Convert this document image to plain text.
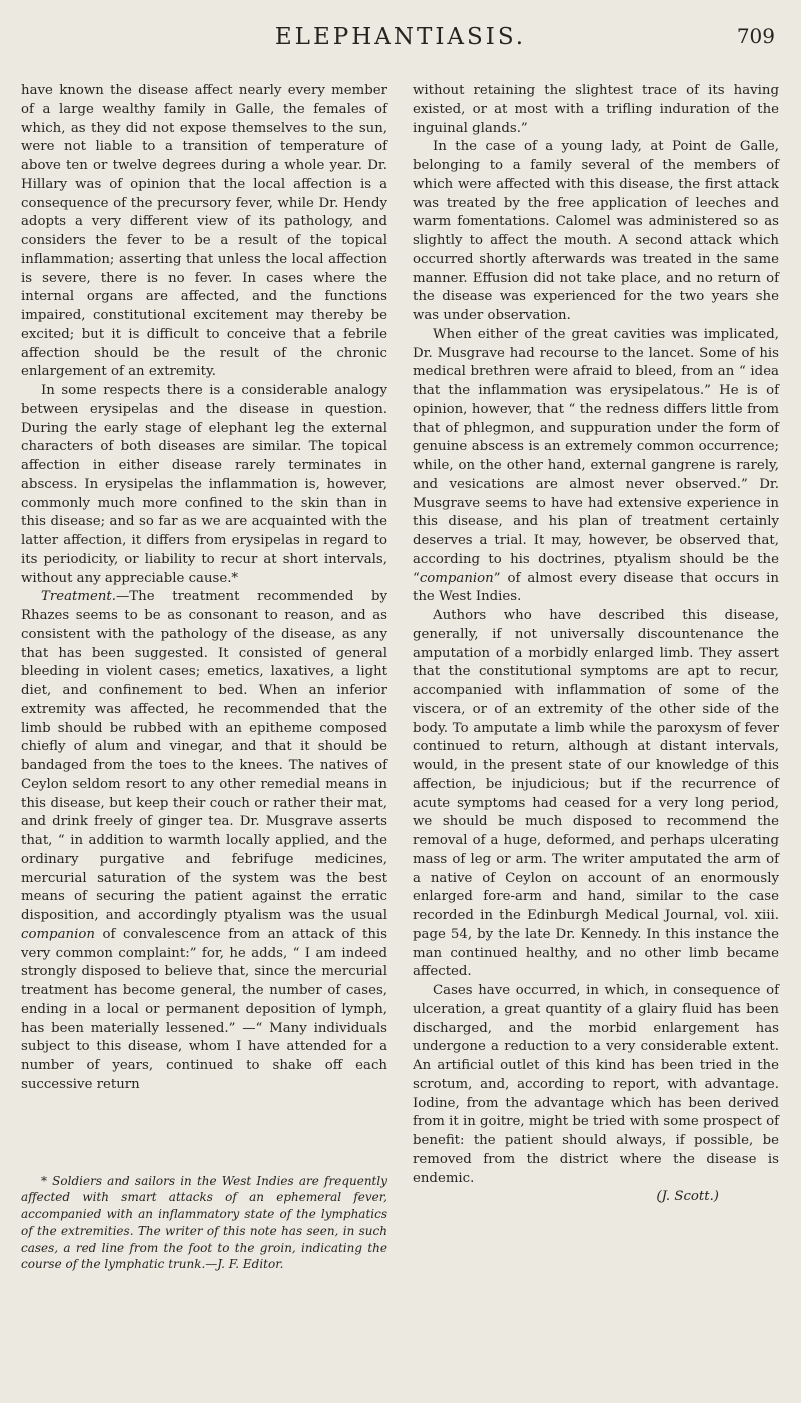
ELEPHANTIASIS.	709

have known the disease affect nearly every member of a large wealthy family in Galle, the females of which, as they did not expose themselves to the sun, were not liable to a transition of temperature of above ten or twelve degrees during a whole year. Dr. Hillary was of opinion that the local affection is a consequence of the precursory fever, while Dr. Hendy adopts a very different view of its pathology, and considers the fever to be a result of the topical inflammation; asserting that unless the local affection is severe, there is no fever. In cases where the internal organs are affected, and the functions impaired, constitutional excitement may thereby be excited; but it is difficult to conceive that a febrile affection should be the result of the chronic enlargement of an extremity.

In some respects there is a considerable analogy between erysipelas and the disease in question. During the early stage of elephant leg the external characters of both diseases are similar. The topical affection in either disease rarely terminates in abscess. In erysipelas the inflammation is, however, commonly much more confined to the skin than in this disease; and so far as we are acquainted with the latter affection, it differs from erysipelas in regard to its periodicity, or liability to recur at short intervals, without any appreciable cause.*

Treatment.—The treatment recommended by Rhazes seems to be as consonant to reason, and as consistent with the pathology of the disease, as any that has been suggested. It consisted of general bleeding in violent cases; emetics, laxatives, a light diet, and confinement to bed. When an inferior extremity was affected, he recommended that the limb should be rubbed with an epitheme composed chiefly of alum and vinegar, and that it should be bandaged from the toes to the knees. The natives of Ceylon seldom resort to any other remedial means in this disease, but keep their couch or rather their mat, and drink freely of ginger tea. Dr. Musgrave asserts that, “ in addition to warmth locally applied, and the ordinary purgative and febrifuge medicines, mercurial saturation of the system was the best means of securing the patient against the erratic disposition, and accordingly ptyalism was the usual companion of convalescence from an attack of this very common complaint:” for, he adds, “ I am indeed strongly disposed to believe that, since the mercurial treatment has become general, the number of cases, ending in a local or permanent deposition of lymph, has been materially lessened.” —“ Many individuals subject to this disease, whom I have attended for a number of years, continued to shake off each successive return

* Soldiers and sailors in the West Indies are frequently affected with smart attacks of an ephemeral fever, accompanied with an inflammatory state of the lymphatics of the extremities. The writer of this note has seen, in such cases, a red line from the foot to the groin, indicating the course of the lymphatic trunk.—J. F. Editor.

without retaining the slightest trace of its having existed, or at most with a trifling induration of the inguinal glands.”

In the case of a young lady, at Point de Galle, belonging to a family several of the members of which were affected with this disease, the first attack was treated by the free application of leeches and warm fomentations. Calomel was administered so as slightly to affect the mouth. A second attack which occurred shortly afterwards was treated in the same manner. Effusion did not take place, and no return of the disease was experienced for the two years she was under observation.

When either of the great cavities was implicated, Dr. Musgrave had recourse to the lancet. Some of his medical brethren were afraid to bleed, from an “ idea that the inflammation was erysipelatous.” He is of opinion, however, that “ the redness differs little from that of phlegmon, and suppuration under the form of genuine abscess is an extremely common occurrence; while, on the other hand, external gangrene is rarely, and vesications are almost never observed.” Dr. Musgrave seems to have had extensive experience in this disease, and his plan of treatment certainly deserves a trial. It may, however, be observed that, according to his doctrines, ptyalism should be the “companion” of almost every disease that occurs in the West Indies.

Authors who have described this disease, generally, if not universally discountenance the amputation of a morbidly enlarged limb. They assert that the constitutional symptoms are apt to recur, accompanied with inflammation of some of the viscera, or of an extremity of the other side of the body. To amputate a limb while the paroxysm of fever continued to return, although at distant intervals, would, in the present state of our knowledge of this affection, be injudicious; but if the recurrence of acute symptoms had ceased for a very long period, we should be much disposed to recommend the removal of a huge, deformed, and perhaps ulcerating mass of leg or arm. The writer amputated the arm of a native of Ceylon on account of an enormously enlarged fore-arm and hand, similar to the case recorded in the Edinburgh Medical Journal, vol. xiii. page 54, by the late Dr. Kennedy. In this instance the man continued healthy, and no other limb became affected.

Cases have occurred, in which, in consequence of ulceration, a great quantity of a glairy fluid has been discharged, and the morbid enlargement has undergone a reduction to a very considerable extent. An artificial outlet of this kind has been tried in the scrotum, and, according to report, with advantage. Iodine, from the advantage which has been derived from it in goitre, might be tried with some prospect of benefit: the patient should always, if possible, be removed from the district where the disease is endemic.

(J. Scott.)
